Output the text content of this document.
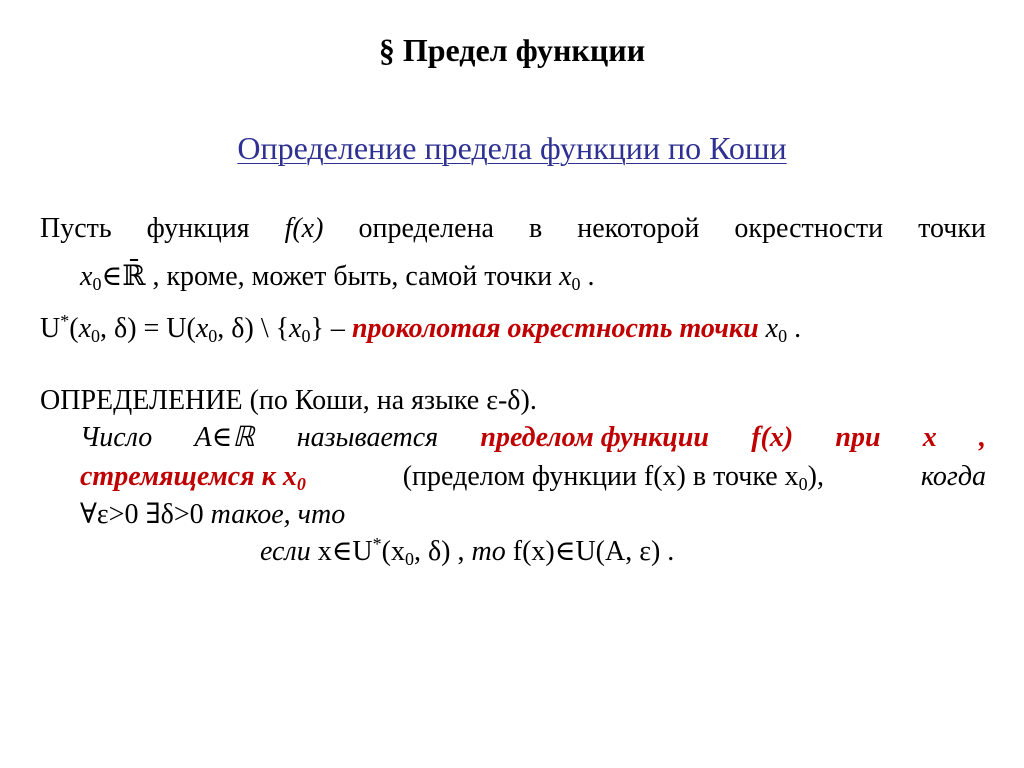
§ Предел функции
Определение предела функции по Коши
Пусть функция f(x) определена в некоторой окрестности точки
$x_0\in ℝ̄$ , кроме, может быть, самой точки $x_0$ .
$U^*(x_0$, $\delta) = U(x_0$, δ) \ $\{x_0\}$ – проколотая окрестность точки $x_0$ .
ОПРЕДЕЛЕНИЕ (по Коши, на языке ε-δ).
Число A∈ℝ называется пределом функции f(x) при x ,
стремящемся к $x_0$	(пределом функции f(x) в точке $x_0$),	когда
∀ε>0 ∃δ>0 такое, что
если $x\in U^*(x_0$, δ) , то f(x)∈U(A, ε) .
